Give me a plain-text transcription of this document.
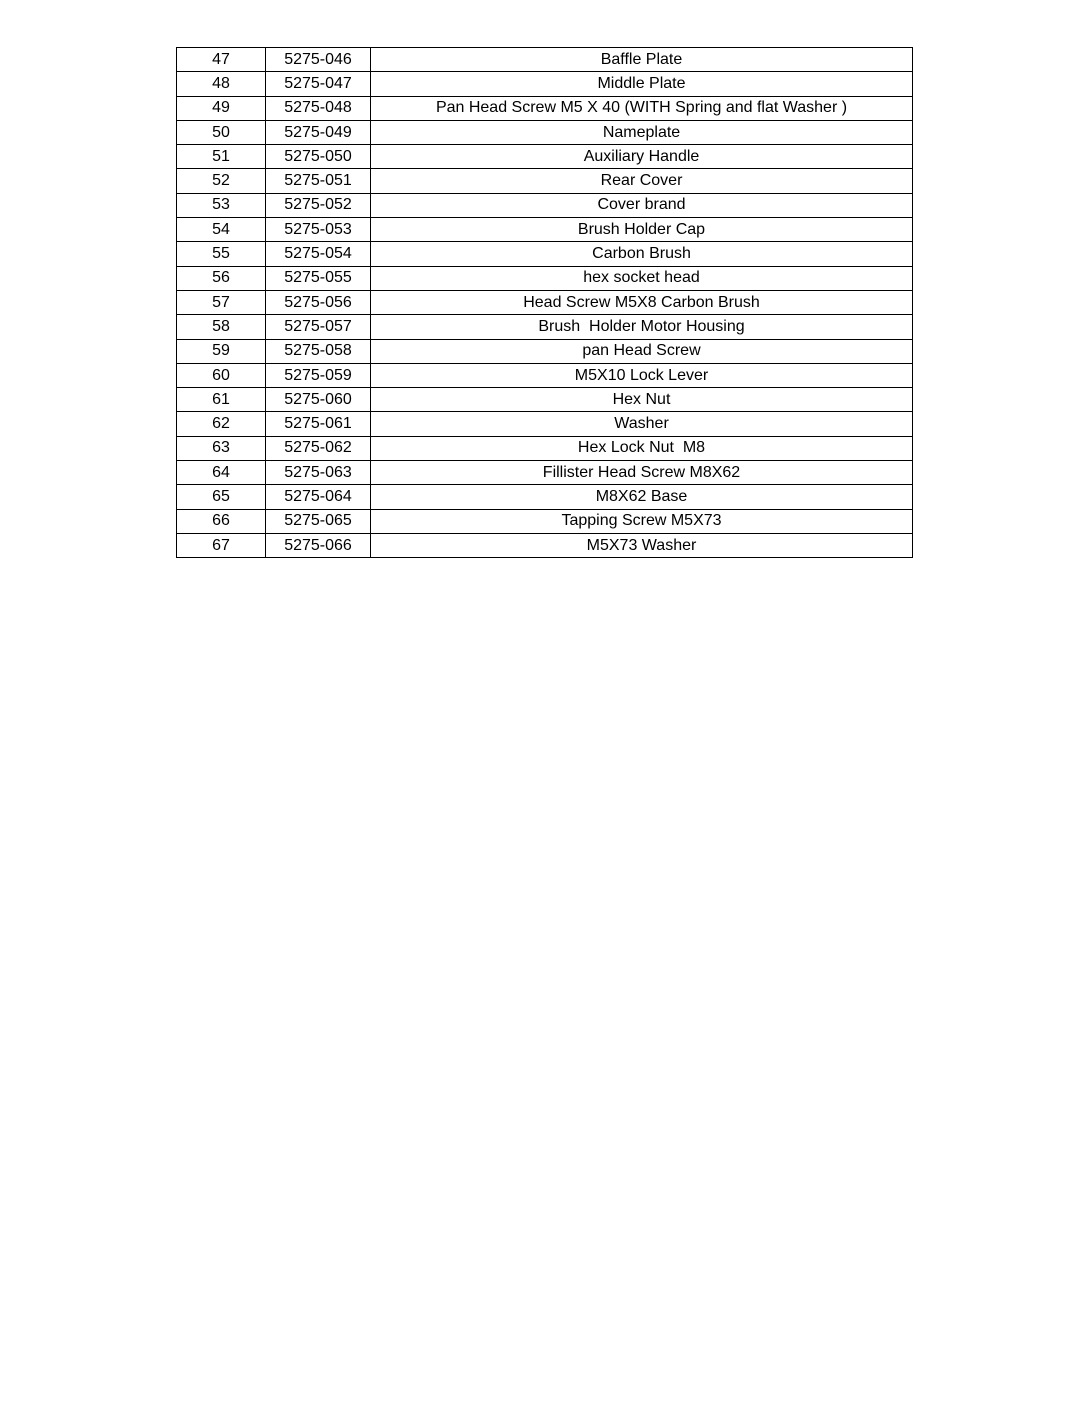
47	5275-046	Baffle Plate
48	5275-047	Middle Plate
49	5275-048	Pan Head Screw M5 X 40 (WITH Spring and flat Washer )
50	5275-049	Nameplate
51	5275-050	Auxiliary Handle
52	5275-051	Rear Cover
53	5275-052	Cover brand
54	5275-053	Brush Holder Cap
55	5275-054	Carbon Brush
56	5275-055	hex socket head
57	5275-056	Head Screw M5X8 Carbon Brush
58	5275-057	Brush  Holder Motor Housing
59	5275-058	pan Head Screw
60	5275-059	M5X10 Lock Lever
61	5275-060	Hex Nut
62	5275-061	Washer
63	5275-062	Hex Lock Nut  M8
64	5275-063	Fillister Head Screw M8X62
65	5275-064	M8X62 Base
66	5275-065	Tapping Screw M5X73
67	5275-066	M5X73 Washer
